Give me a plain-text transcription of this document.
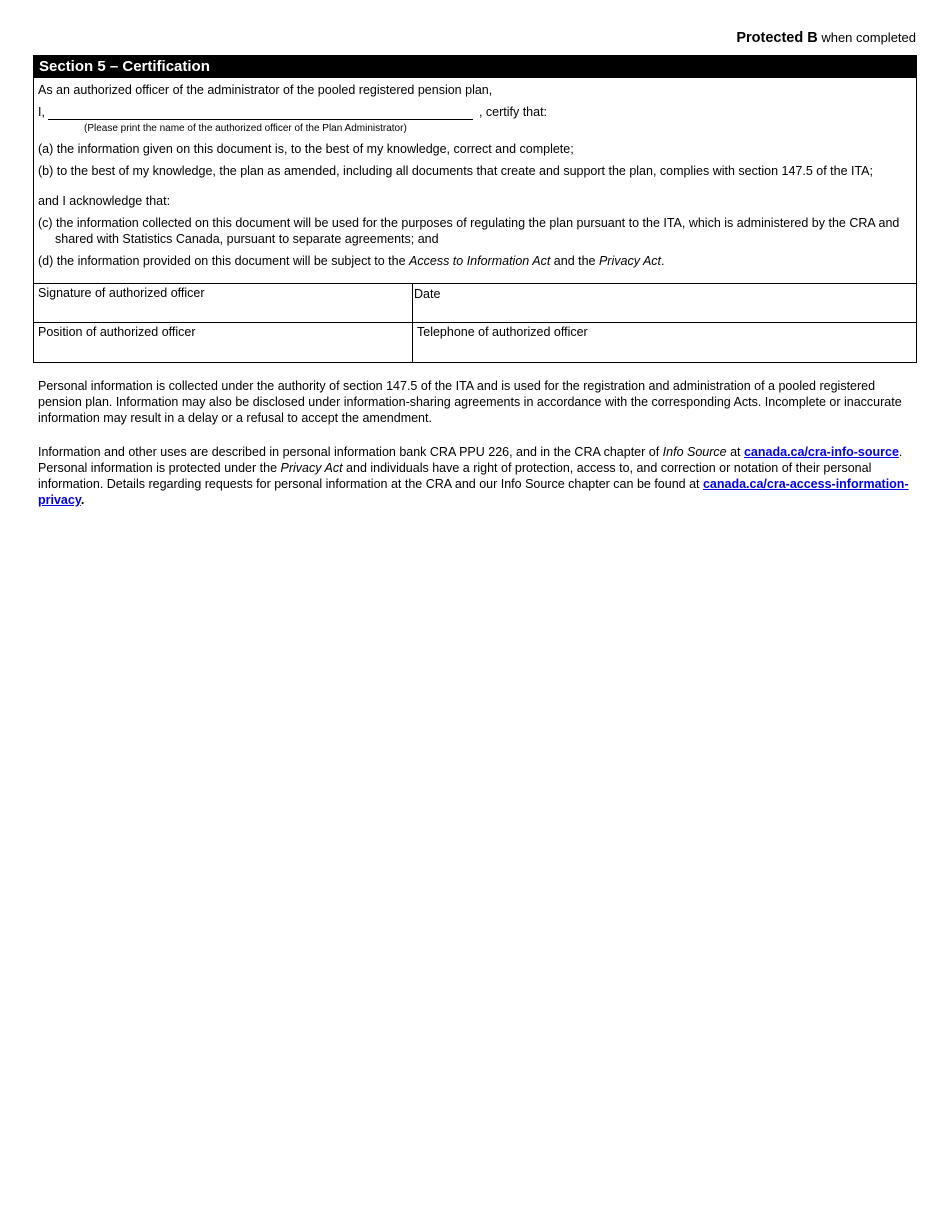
Protected B when completed
Section 5 – Certification

As an authorized officer of the administrator of the pooled registered pension plan,

I,	, certify that:

(Please print the name of the authorized officer of the Plan Administrator)

(a) the information given on this document is, to the best of my knowledge, correct and complete;

(b) to the best of my knowledge, the plan as amended, including all documents that create and support the plan, complies with section 147.5 of the ITA;

and I acknowledge that:

(c) the information collected on this document will be used for the purposes of regulating the plan pursuant to the ITA, which is administered by the CRA and shared with Statistics Canada, pursuant to separate agreements; and

(d) the information provided on this document will be subject to the Access to Information Act and the Privacy Act.

Signature of authorized officer	Date
Position of authorized officer	Telephone of authorized officer

Personal information is collected under the authority of section 147.5 of the ITA and is used for the registration and administration of a pooled registered pension plan. Information may also be disclosed under information-sharing agreements in accordance with the corresponding Acts. Incomplete or inaccurate information may result in a delay or a refusal to accept the amendment.

Information and other uses are described in personal information bank CRA PPU 226, and in the CRA chapter of Info Source at canada.ca/cra-info-source. Personal information is protected under the Privacy Act and individuals have a right of protection, access to, and correction or notation of their personal information. Details regarding requests for personal information at the CRA and our Info Source chapter can be found at canada.ca/cra-access-information-privacy.
